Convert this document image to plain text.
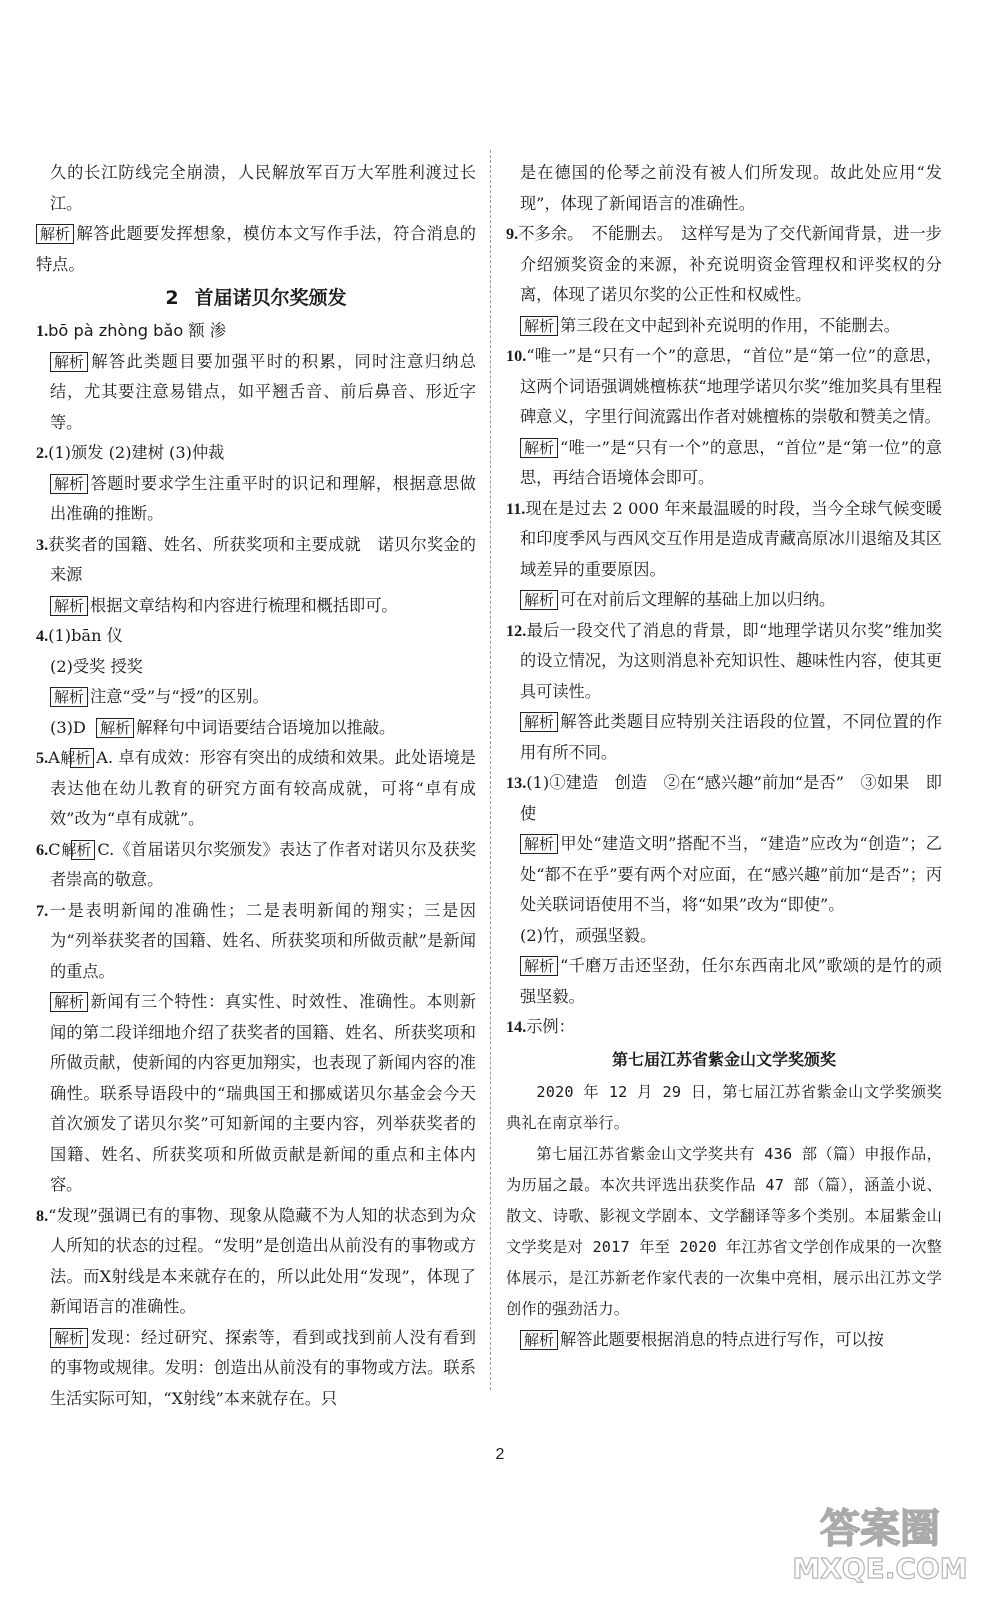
久的长江防线完全崩溃，人民解放军百万大军胜利渡过长江。

解析 解答此题要发挥想象，模仿本文写作手法，符合消息的特点。

2 首届诺贝尔奖颁发

1.bō pà zhòng bǎo 额 渗

解析 解答此类题目要加强平时的积累，同时注意归纳总结，尤其要注意易错点，如平翘舌音、前后鼻音、形近字等。

2.(1)颁发 (2)建树 (3)仲裁

解析 答题时要求学生注重平时的识记和理解，根据意思做出准确的推断。

3.获奖者的国籍、姓名、所获奖项和主要成就　诺贝尔奖金的来源

解析 根据文章结构和内容进行梳理和概括即可。

4.(1)bān 仪

(2)受奖 授奖

解析 注意“受”与“授”的区别。

(3)D 解析 解释句中词语要结合语境加以推敲。

5.A  解析 A. 卓有成效：形容有突出的成绩和效果。此处语境是表达他在幼儿教育的研究方面有较高成就，可将“卓有成效”改为“卓有成就”。

6.C  解析 C.《首届诺贝尔奖颁发》表达了作者对诺贝尔及获奖者崇高的敬意。

7.一是表明新闻的准确性；二是表明新闻的翔实；三是因为“列举获奖者的国籍、姓名、所获奖项和所做贡献”是新闻的重点。

解析 新闻有三个特性：真实性、时效性、准确性。本则新闻的第二段详细地介绍了获奖者的国籍、姓名、所获奖项和所做贡献，使新闻的内容更加翔实，也表现了新闻内容的准确性。联系导语段中的“瑞典国王和挪威诺贝尔基金会今天首次颁发了诺贝尔奖”可知新闻的主要内容，列举获奖者的国籍、姓名、所获奖项和所做贡献是新闻的重点和主体内容。

8.“发现”强调已有的事物、现象从隐藏不为人知的状态到为众人所知的状态的过程。“发明”是创造出从前没有的事物或方法。而X射线是本来就存在的，所以此处用“发现”，体现了新闻语言的准确性。

解析 发现：经过研究、探索等，看到或找到前人没有看到的事物或规律。发明：创造出从前没有的事物或方法。联系生活实际可知，“X射线”本来就存在。只

是在德国的伦琴之前没有被人们所发现。故此处应用“发现”，体现了新闻语言的准确性。

9.不多余。　不能删去。　这样写是为了交代新闻背景，进一步介绍颁奖资金的来源，补充说明资金管理权和评奖权的分离，体现了诺贝尔奖的公正性和权威性。

解析 第三段在文中起到补充说明的作用，不能删去。

10.“唯一”是“只有一个”的意思，“首位”是“第一位”的意思，这两个词语强调姚檀栋获“地理学诺贝尔奖”维加奖具有里程碑意义，字里行间流露出作者对姚檀栋的崇敬和赞美之情。

解析 “唯一”是“只有一个”的意思，“首位”是“第一位”的意思，再结合语境体会即可。

11.现在是过去 2 000 年来最温暖的时段，当今全球气候变暖和印度季风与西风交互作用是造成青藏高原冰川退缩及其区域差异的重要原因。

解析 可在对前后文理解的基础上加以归纳。

12.最后一段交代了消息的背景，即“地理学诺贝尔奖”维加奖的设立情况，为这则消息补充知识性、趣味性内容，使其更具可读性。

解析 解答此类题目应特别关注语段的位置，不同位置的作用有所不同。

13.(1)①建造　创造　②在“感兴趣”前加“是否”　③如果　即使

解析 甲处“建造文明”搭配不当，“建造”应改为“创造”；乙处“都不在乎”要有两个对应面，在“感兴趣”前加“是否”；丙处关联词语使用不当，将“如果”改为“即使”。

(2)竹，顽强坚毅。

解析 “千磨万击还坚劲，任尔东西南北风”歌颂的是竹的顽强坚毅。

14.示例：

第七届江苏省紫金山文学奖颁奖

2020 年 12 月 29 日，第七届江苏省紫金山文学奖颁奖典礼在南京举行。

第七届江苏省紫金山文学奖共有 436 部（篇）申报作品，为历届之最。本次共评选出获奖作品 47 部（篇），涵盖小说、散文、诗歌、影视文学剧本、文学翻译等多个类别。本届紫金山文学奖是对 2017 年至 2020 年江苏省文学创作成果的一次整体展示，是江苏新老作家代表的一次集中亮相，展示出江苏文学创作的强劲活力。

解析 解答此题要根据消息的特点进行写作，可以按

2
答案圈
MXQE.COM
